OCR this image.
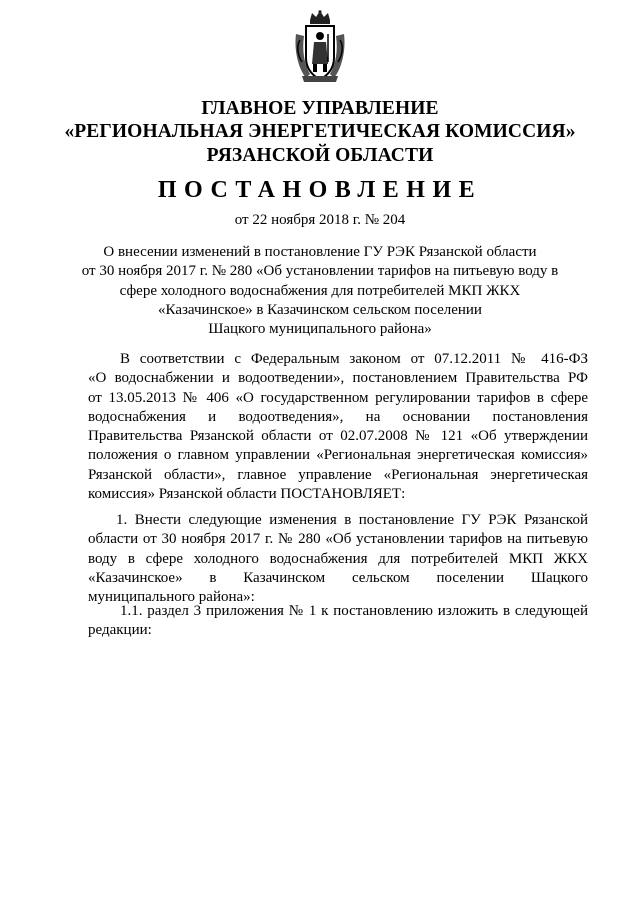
ГЛАВНОЕ УПРАВЛЕНИЕ
«РЕГИОНАЛЬНАЯ ЭНЕРГЕТИЧЕСКАЯ КОМИССИЯ»
РЯЗАНСКОЙ ОБЛАСТИ
ПОСТАНОВЛЕНИЕ
от 22 ноября 2018 г. № 204
О внесении изменений в постановление ГУ РЭК Рязанской области
от 30 ноября 2017 г. № 280 «Об установлении тарифов на питьевую воду в
сфере холодного водоснабжения для потребителей МКП ЖКХ
«Казачинское» в Казачинском сельском поселении
Шацкого муниципального района»
В соответствии с Федеральным законом от 07.12.2011 № 416-ФЗ
«О водоснабжении и водоотведении», постановлением Правительства РФ
от 13.05.2013 № 406 «О государственном регулировании тарифов в сфере
водоснабжения и водоотведения», на основании постановления
Правительства Рязанской области от 02.07.2008 № 121 «Об утверждении
положения о главном управлении «Региональная энергетическая комиссия»
Рязанской области», главное управление «Региональная энергетическая
комиссия» Рязанской области ПОСТАНОВЛЯЕТ:
1. Внести следующие изменения в постановление ГУ РЭК Рязанской
области от 30 ноября 2017 г. № 280 «Об установлении тарифов на питьевую
воду в сфере холодного водоснабжения для потребителей МКП ЖКХ
«Казачинское» в Казачинском сельском поселении Шацкого
муниципального района»:
1.1. раздел 3 приложения № 1 к постановлению изложить в следующей
редакции:
